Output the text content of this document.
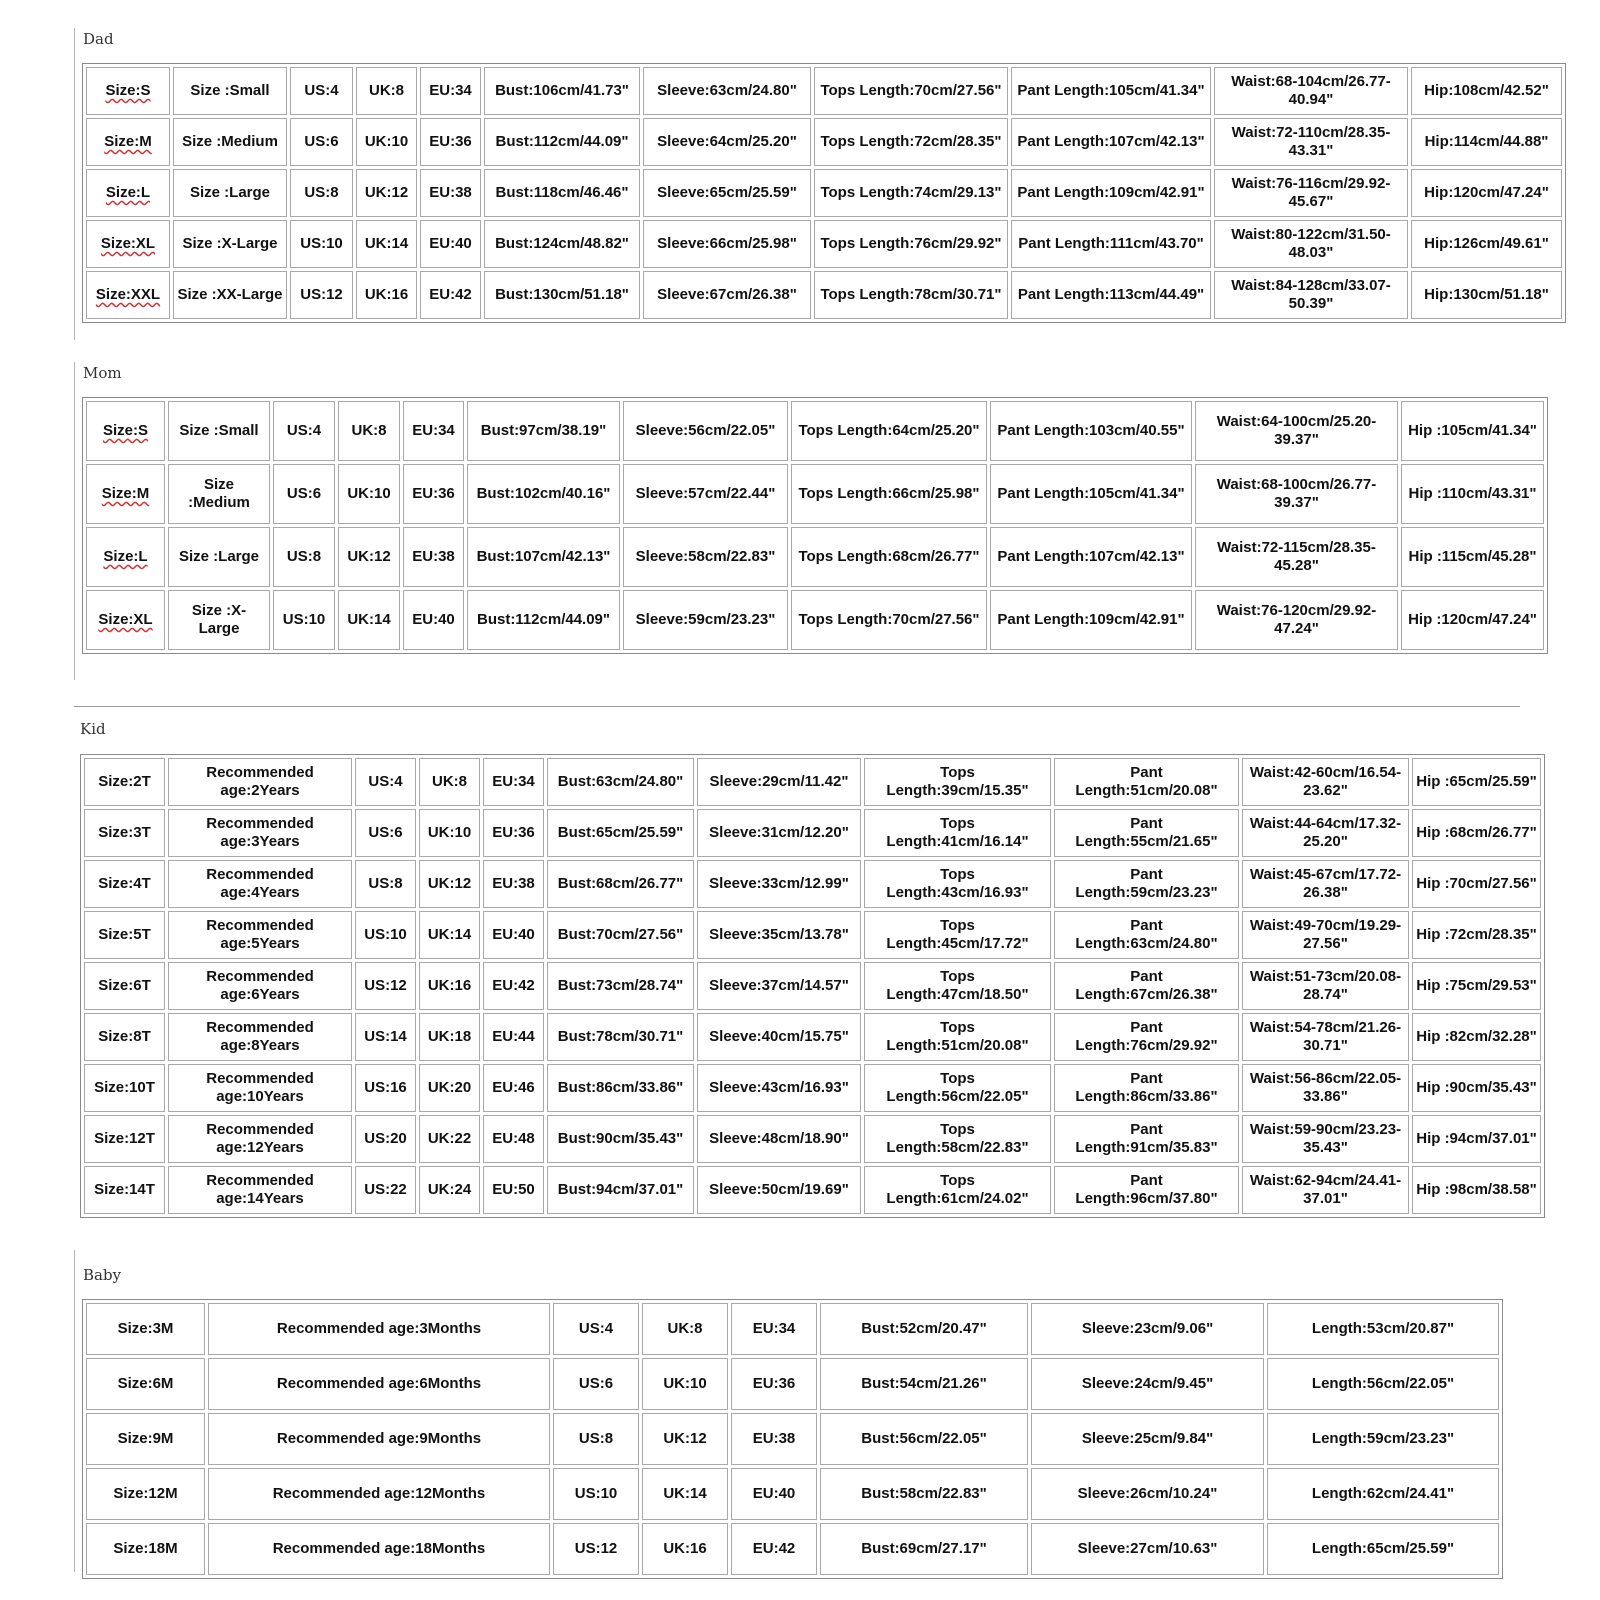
Dad
Size:S	Size :Small	US:4	UK:8	EU:34	Bust:106cm/41.73"	Sleeve:63cm/24.80"	Tops Length:70cm/27.56"	Pant Length:105cm/41.34"	Waist:68-104cm/26.77-40.94"	Hip:108cm/42.52"
Size:M	Size :Medium	US:6	UK:10	EU:36	Bust:112cm/44.09"	Sleeve:64cm/25.20"	Tops Length:72cm/28.35"	Pant Length:107cm/42.13"	Waist:72-110cm/28.35-43.31"	Hip:114cm/44.88"
Size:L	Size :Large	US:8	UK:12	EU:38	Bust:118cm/46.46"	Sleeve:65cm/25.59"	Tops Length:74cm/29.13"	Pant Length:109cm/42.91"	Waist:76-116cm/29.92-45.67"	Hip:120cm/47.24"
Size:XL	Size :X-Large	US:10	UK:14	EU:40	Bust:124cm/48.82"	Sleeve:66cm/25.98"	Tops Length:76cm/29.92"	Pant Length:111cm/43.70"	Waist:80-122cm/31.50-48.03"	Hip:126cm/49.61"
Size:XXL	Size :XX-Large	US:12	UK:16	EU:42	Bust:130cm/51.18"	Sleeve:67cm/26.38"	Tops Length:78cm/30.71"	Pant Length:113cm/44.49"	Waist:84-128cm/33.07-50.39"	Hip:130cm/51.18"
Mom
Size:S	Size :Small	US:4	UK:8	EU:34	Bust:97cm/38.19"	Sleeve:56cm/22.05"	Tops Length:64cm/25.20"	Pant Length:103cm/40.55"	Waist:64-100cm/25.20-39.37"	Hip :105cm/41.34"
Size:M	Size :Medium	US:6	UK:10	EU:36	Bust:102cm/40.16"	Sleeve:57cm/22.44"	Tops Length:66cm/25.98"	Pant Length:105cm/41.34"	Waist:68-100cm/26.77-39.37"	Hip :110cm/43.31"
Size:L	Size :Large	US:8	UK:12	EU:38	Bust:107cm/42.13"	Sleeve:58cm/22.83"	Tops Length:68cm/26.77"	Pant Length:107cm/42.13"	Waist:72-115cm/28.35-45.28"	Hip :115cm/45.28"
Size:XL	Size :X-Large	US:10	UK:14	EU:40	Bust:112cm/44.09"	Sleeve:59cm/23.23"	Tops Length:70cm/27.56"	Pant Length:109cm/42.91"	Waist:76-120cm/29.92-47.24"	Hip :120cm/47.24"
Kid
Size:2T	Recommended age:2Years	US:4	UK:8	EU:34	Bust:63cm/24.80"	Sleeve:29cm/11.42"	Tops Length:39cm/15.35"	Pant Length:51cm/20.08"	Waist:42-60cm/16.54-23.62"	Hip :65cm/25.59"
Size:3T	Recommended age:3Years	US:6	UK:10	EU:36	Bust:65cm/25.59"	Sleeve:31cm/12.20"	Tops Length:41cm/16.14"	Pant Length:55cm/21.65"	Waist:44-64cm/17.32-25.20"	Hip :68cm/26.77"
Size:4T	Recommended age:4Years	US:8	UK:12	EU:38	Bust:68cm/26.77"	Sleeve:33cm/12.99"	Tops Length:43cm/16.93"	Pant Length:59cm/23.23"	Waist:45-67cm/17.72-26.38"	Hip :70cm/27.56"
Size:5T	Recommended age:5Years	US:10	UK:14	EU:40	Bust:70cm/27.56"	Sleeve:35cm/13.78"	Tops Length:45cm/17.72"	Pant Length:63cm/24.80"	Waist:49-70cm/19.29-27.56"	Hip :72cm/28.35"
Size:6T	Recommended age:6Years	US:12	UK:16	EU:42	Bust:73cm/28.74"	Sleeve:37cm/14.57"	Tops Length:47cm/18.50"	Pant Length:67cm/26.38"	Waist:51-73cm/20.08-28.74"	Hip :75cm/29.53"
Size:8T	Recommended age:8Years	US:14	UK:18	EU:44	Bust:78cm/30.71"	Sleeve:40cm/15.75"	Tops Length:51cm/20.08"	Pant Length:76cm/29.92"	Waist:54-78cm/21.26-30.71"	Hip :82cm/32.28"
Size:10T	Recommended age:10Years	US:16	UK:20	EU:46	Bust:86cm/33.86"	Sleeve:43cm/16.93"	Tops Length:56cm/22.05"	Pant Length:86cm/33.86"	Waist:56-86cm/22.05-33.86"	Hip :90cm/35.43"
Size:12T	Recommended age:12Years	US:20	UK:22	EU:48	Bust:90cm/35.43"	Sleeve:48cm/18.90"	Tops Length:58cm/22.83"	Pant Length:91cm/35.83"	Waist:59-90cm/23.23-35.43"	Hip :94cm/37.01"
Size:14T	Recommended age:14Years	US:22	UK:24	EU:50	Bust:94cm/37.01"	Sleeve:50cm/19.69"	Tops Length:61cm/24.02"	Pant Length:96cm/37.80"	Waist:62-94cm/24.41-37.01"	Hip :98cm/38.58"
Baby
Size:3M	Recommended age:3Months	US:4	UK:8	EU:34	Bust:52cm/20.47"	Sleeve:23cm/9.06"	Length:53cm/20.87"
Size:6M	Recommended age:6Months	US:6	UK:10	EU:36	Bust:54cm/21.26"	Sleeve:24cm/9.45"	Length:56cm/22.05"
Size:9M	Recommended age:9Months	US:8	UK:12	EU:38	Bust:56cm/22.05"	Sleeve:25cm/9.84"	Length:59cm/23.23"
Size:12M	Recommended age:12Months	US:10	UK:14	EU:40	Bust:58cm/22.83"	Sleeve:26cm/10.24"	Length:62cm/24.41"
Size:18M	Recommended age:18Months	US:12	UK:16	EU:42	Bust:69cm/27.17"	Sleeve:27cm/10.63"	Length:65cm/25.59"
